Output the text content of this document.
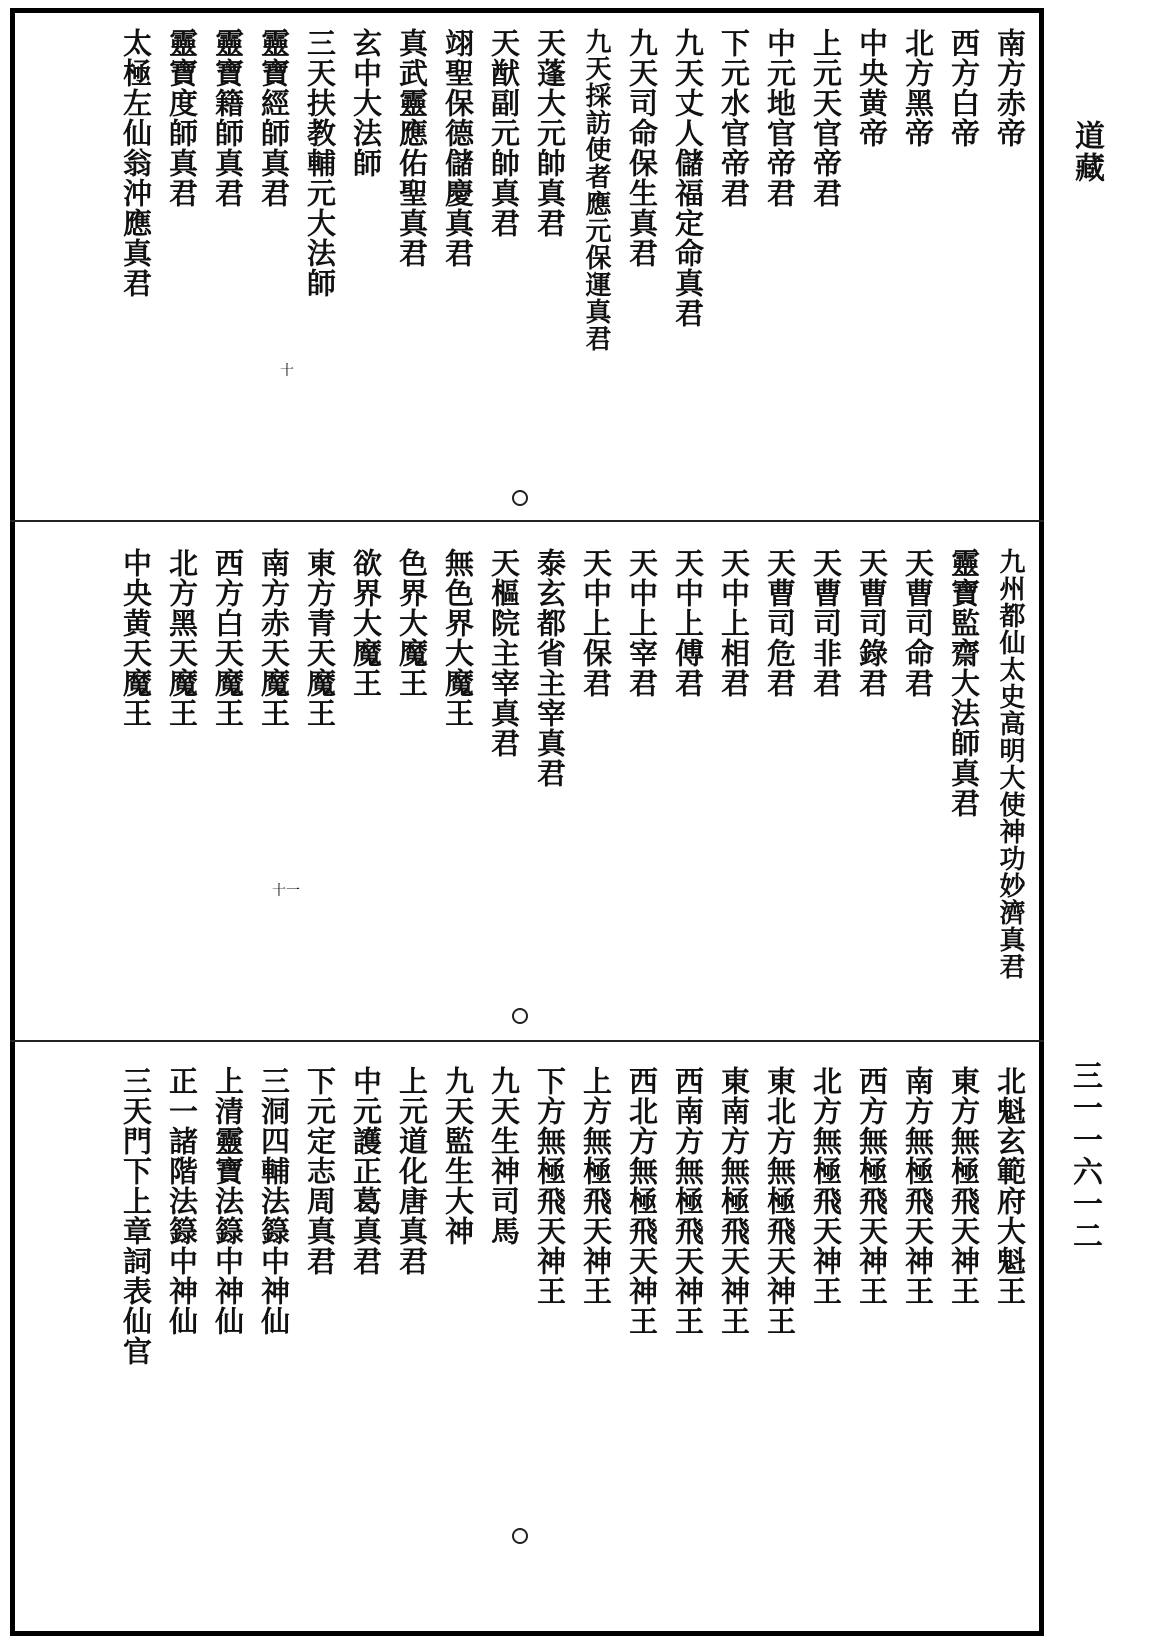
道藏
三一一六一二
南方赤帝
西方白帝
北方黑帝
中央黄帝
上元天官帝君
中元地官帝君
下元水官帝君
九天丈人儲福定命真君
九天司命保生真君
九天採訪使者應元保運真君
天蓬大元帥真君
天猷副元帥真君
翊聖保德儲慶真君
真武靈應佑聖真君
玄中大法師
三天扶教輔元大法師
靈寶經師真君
靈寶籍師真君
靈寶度師真君
太極左仙翁沖應真君
十
九州都仙太史高明大使神功妙濟真君
靈寶監齋大法師真君
天曹司命君
天曹司錄君
天曹司非君
天曹司危君
天中上相君
天中上傅君
天中上宰君
天中上保君
泰玄都省主宰真君
天樞院主宰真君
無色界大魔王
色界大魔王
欲界大魔王
東方青天魔王
南方赤天魔王
西方白天魔王
北方黑天魔王
中央黄天魔王
十一
北魁玄範府大魁王
東方無極飛天神王
南方無極飛天神王
西方無極飛天神王
北方無極飛天神王
東北方無極飛天神王
東南方無極飛天神王
西南方無極飛天神王
西北方無極飛天神王
上方無極飛天神王
下方無極飛天神王
九天生神司馬
九天監生大神
上元道化唐真君
中元護正葛真君
下元定志周真君
三洞四輔法籙中神仙
上清靈寶法籙中神仙
正一諸階法籙中神仙
三天門下上章詞表仙官
